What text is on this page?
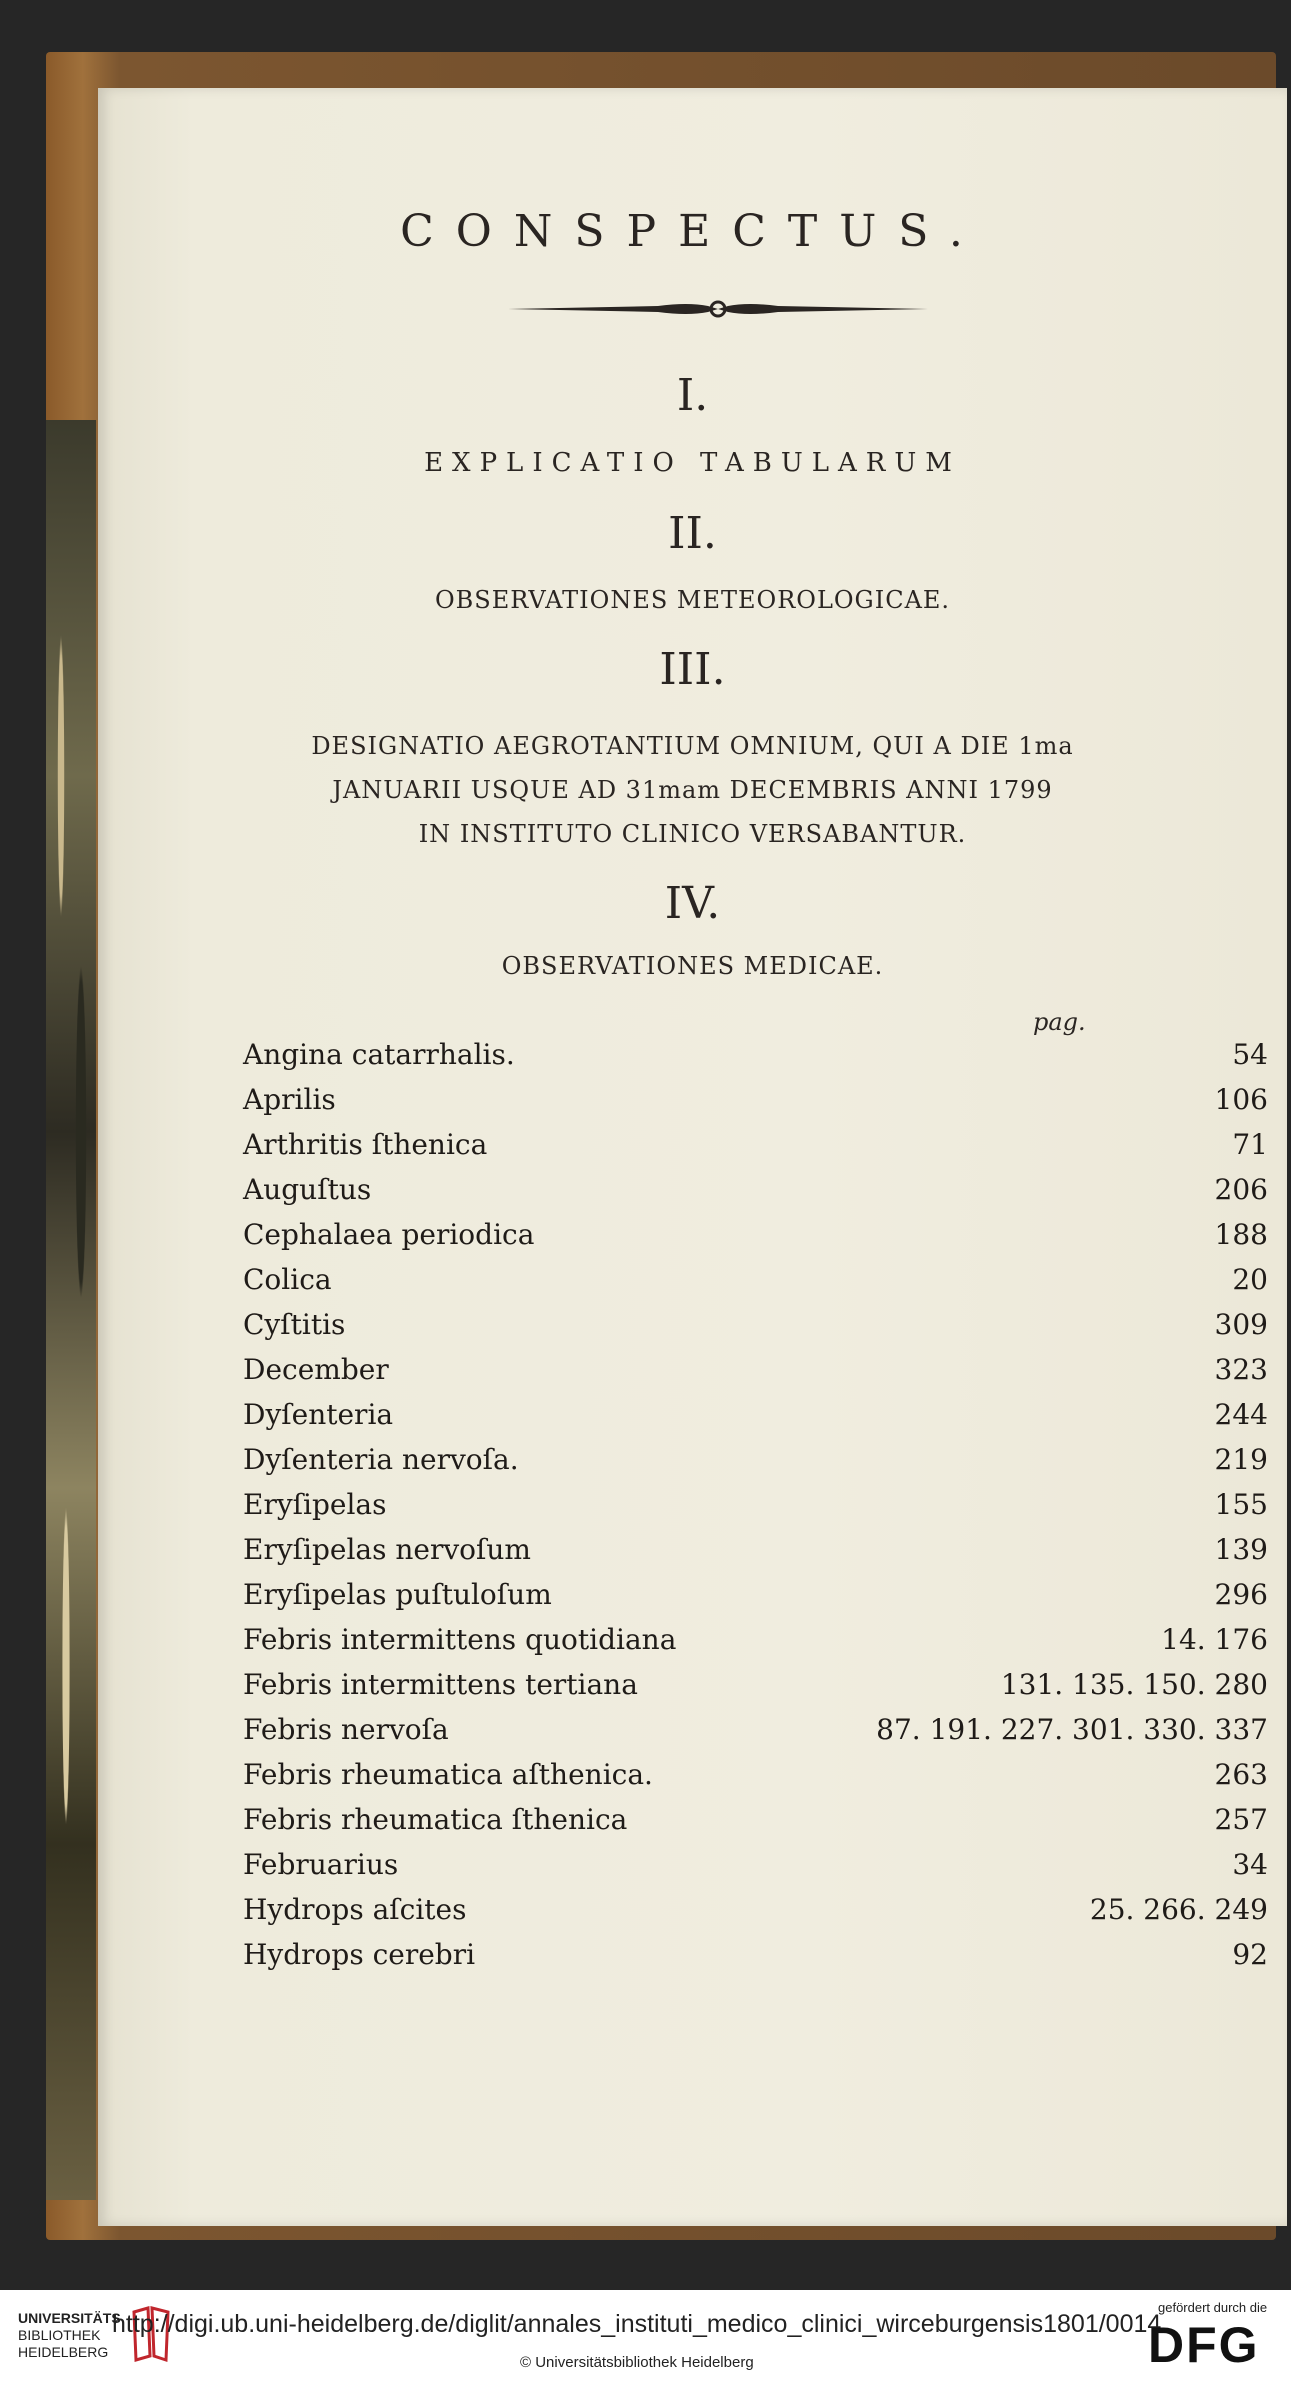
CONSPECTUS.
I.
EXPLICATIO TABULARUM
II.
OBSERVATIONES METEOROLOGICAE.
III.
DESIGNATIO AEGROTANTIUM OMNIUM, QUI A DIE 1ma
JANUARII USQUE AD 31mam DECEMBRIS ANNI 1799
IN INSTITUTO CLINICO VERSABANTUR.
IV.
OBSERVATIONES MEDICAE.
pag.
Angina catarrhalis.	54
Aprilis	106
Arthritis ſthenica	71
Auguſtus	206
Cephalaea periodica	188
Colica	20
Cyſtitis	309
December	323
Dyſenteria	244
Dyſenteria nervoſa.	219
Eryſipelas	155
Eryſipelas nervoſum	139
Eryſipelas puſtuloſum	296
Febris intermittens quotidiana	14. 176
Febris intermittens tertiana	131. 135. 150. 280
Febris nervoſa	87. 191. 227. 301. 330. 337
Febris rheumatica aſthenica.	263
Febris rheumatica ſthenica	257
Februarius	34
Hydrops aſcites	25. 266. 249
Hydrops cerebri	92
UNIVERSITÄTS
BIBLIOTHEK
HEIDELBERG
http://digi.ub.uni-heidelberg.de/diglit/annales_instituti_medico_clinici_wirceburgensis1801/0014
© Universitätsbibliothek Heidelberg
gefördert durch die
DFG
